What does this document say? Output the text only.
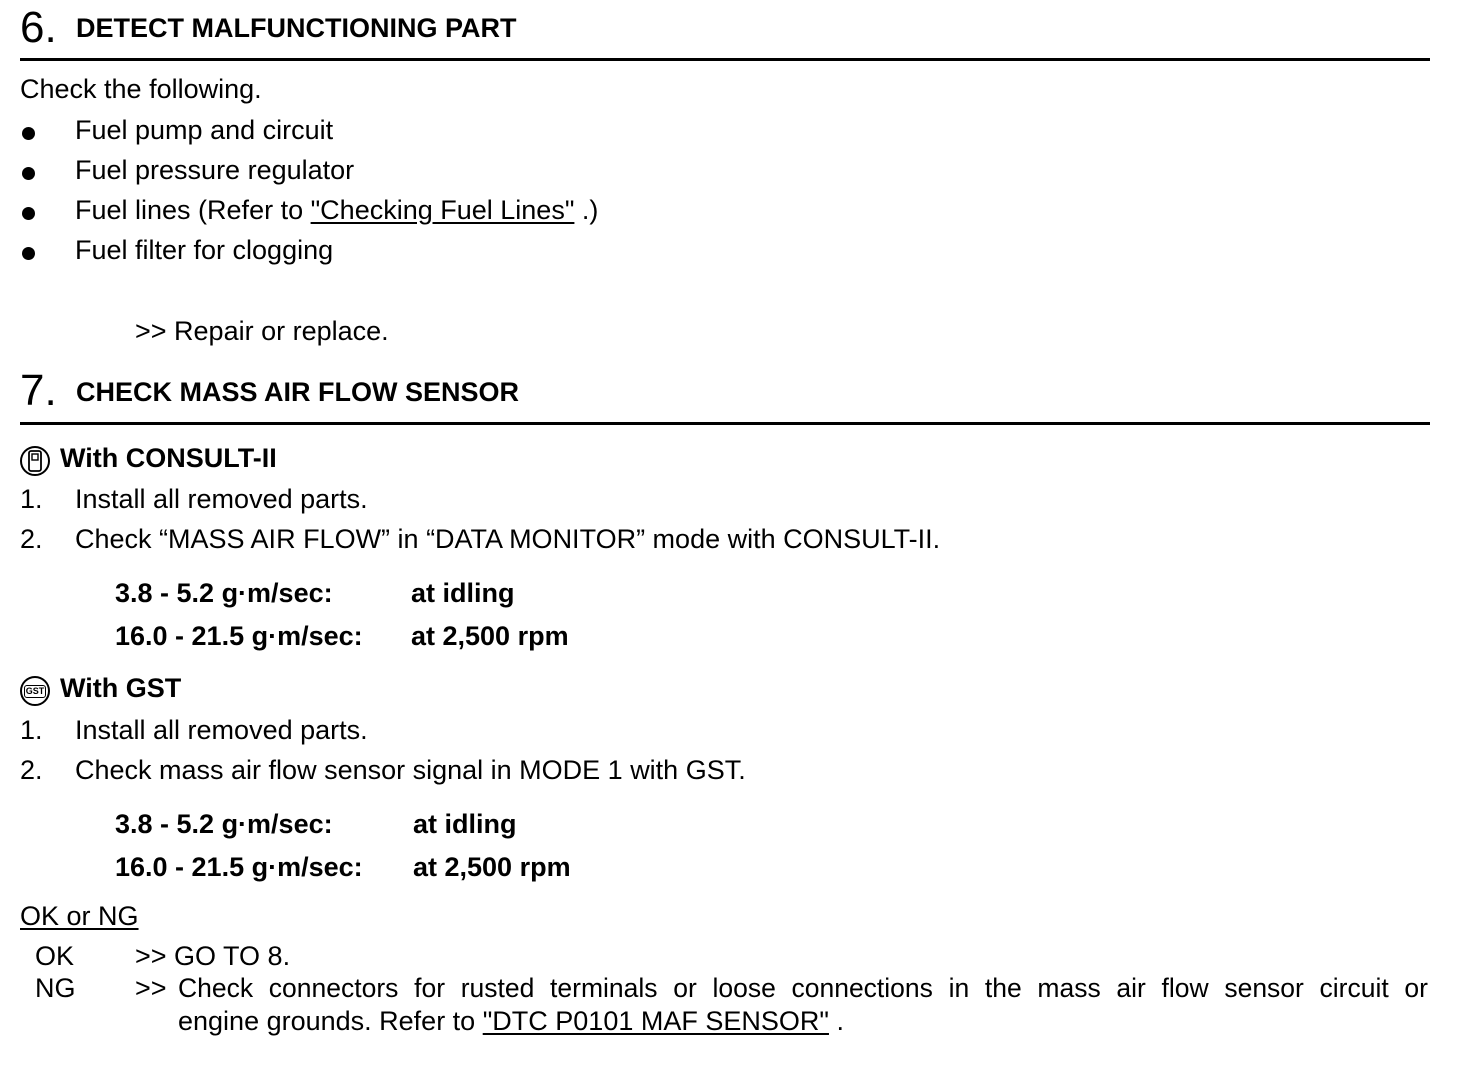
6. DETECT MALFUNCTIONING PART
Check the following.
Fuel pump and circuit
Fuel pressure regulator
Fuel lines (Refer to "Checking Fuel Lines" .)
Fuel filter for clogging
>> Repair or replace.
7. CHECK MASS AIR FLOW SENSOR
With CONSULT-II
1. Install all removed parts.
2. Check “MASS AIR FLOW” in “DATA MONITOR” mode with CONSULT-II.
3.8 - 5.2 g·m/sec:	at idling
16.0 - 21.5 g·m/sec: at 2,500 rpm
GST With GST
1. Install all removed parts.
2. Check mass air flow sensor signal in MODE 1 with GST.
3.8 - 5.2 g·m/sec:	at idling
16.0 - 21.5 g·m/sec: at 2,500 rpm
OK or NG
OK >> GO TO 8.
NG >> Check connectors for rusted terminals or loose connections in the mass air flow sensor circuit or
engine grounds. Refer to "DTC P0101 MAF SENSOR" .
